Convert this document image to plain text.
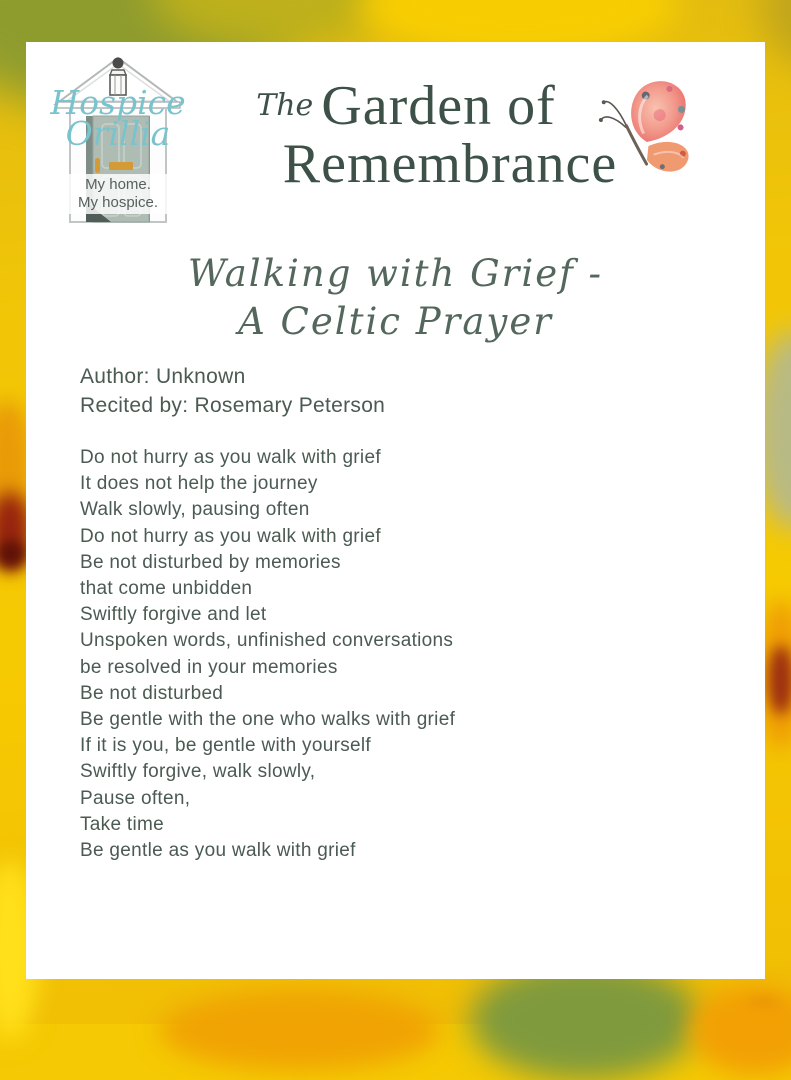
Hospice
Orillia
My home.
My hospice.
The Garden of
Remembrance
Walking with Grief -
A Celtic Prayer
Author: Unknown
Recited by: Rosemary Peterson
Do not hurry as you walk with grief
It does not help the journey
Walk slowly, pausing often
Do not hurry as you walk with grief
Be not disturbed by memories
that come unbidden
Swiftly forgive and let
Unspoken words, unfinished conversations
be resolved in your memories
Be not disturbed
Be gentle with the one who walks with grief
If it is you, be gentle with yourself
Swiftly forgive, walk slowly,
Pause often,
Take time
Be gentle as you walk with grief
